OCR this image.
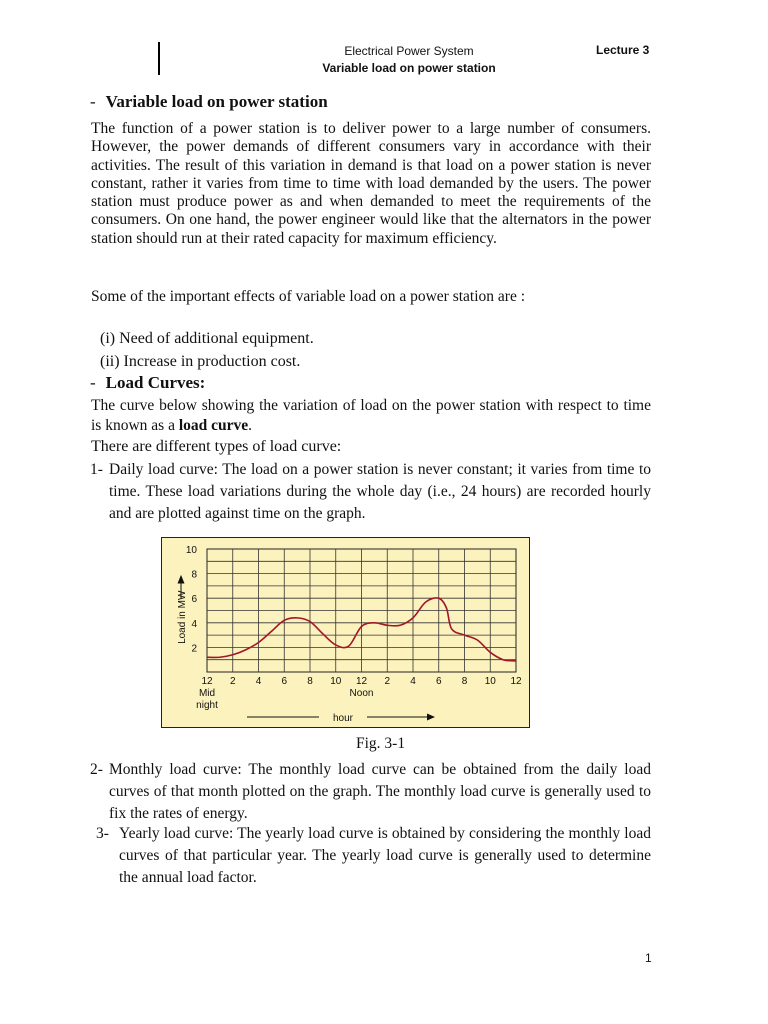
Electrical Power System
Variable load on power station
Lecture 3
- Variable load on power station
The function of a power station is to deliver power to a large number of consumers. However, the power demands of different consumers vary in accordance with their activities. The result of this variation in demand is that load on a power station is never constant, rather it varies from time to time with load demanded by the users. The power station must produce power as and when demanded to meet the requirements of the consumers. On one hand, the power engineer would like that the alternators in the power station should run at their rated capacity for maximum efficiency.
Some of the important effects of variable load on a power station are :
(i) Need of additional equipment.
(ii) Increase in production cost.
- Load Curves:
The curve below showing the variation of load on the power station with respect to time is known as a load curve.
There are different types of load curve:
1- Daily load curve: The load on a power station is never constant; it varies from time to time. These load variations during the whole day (i.e., 24 hours) are recorded hourly and are plotted against time on the graph.
2
4
6
8
10
12 2 4 6 8 10 12 2 4 6 8 10 12
Mid
night
Noon
hour
Load in MW
Fig. 3-1
2- Monthly load curve: The monthly load curve can be obtained from the daily load curves of that month plotted on the graph. The monthly load curve is generally used to fix the rates of energy.
3- Yearly load curve: The yearly load curve is obtained by considering the monthly load curves of that particular year. The yearly load curve is generally used to determine the annual load factor.
1
